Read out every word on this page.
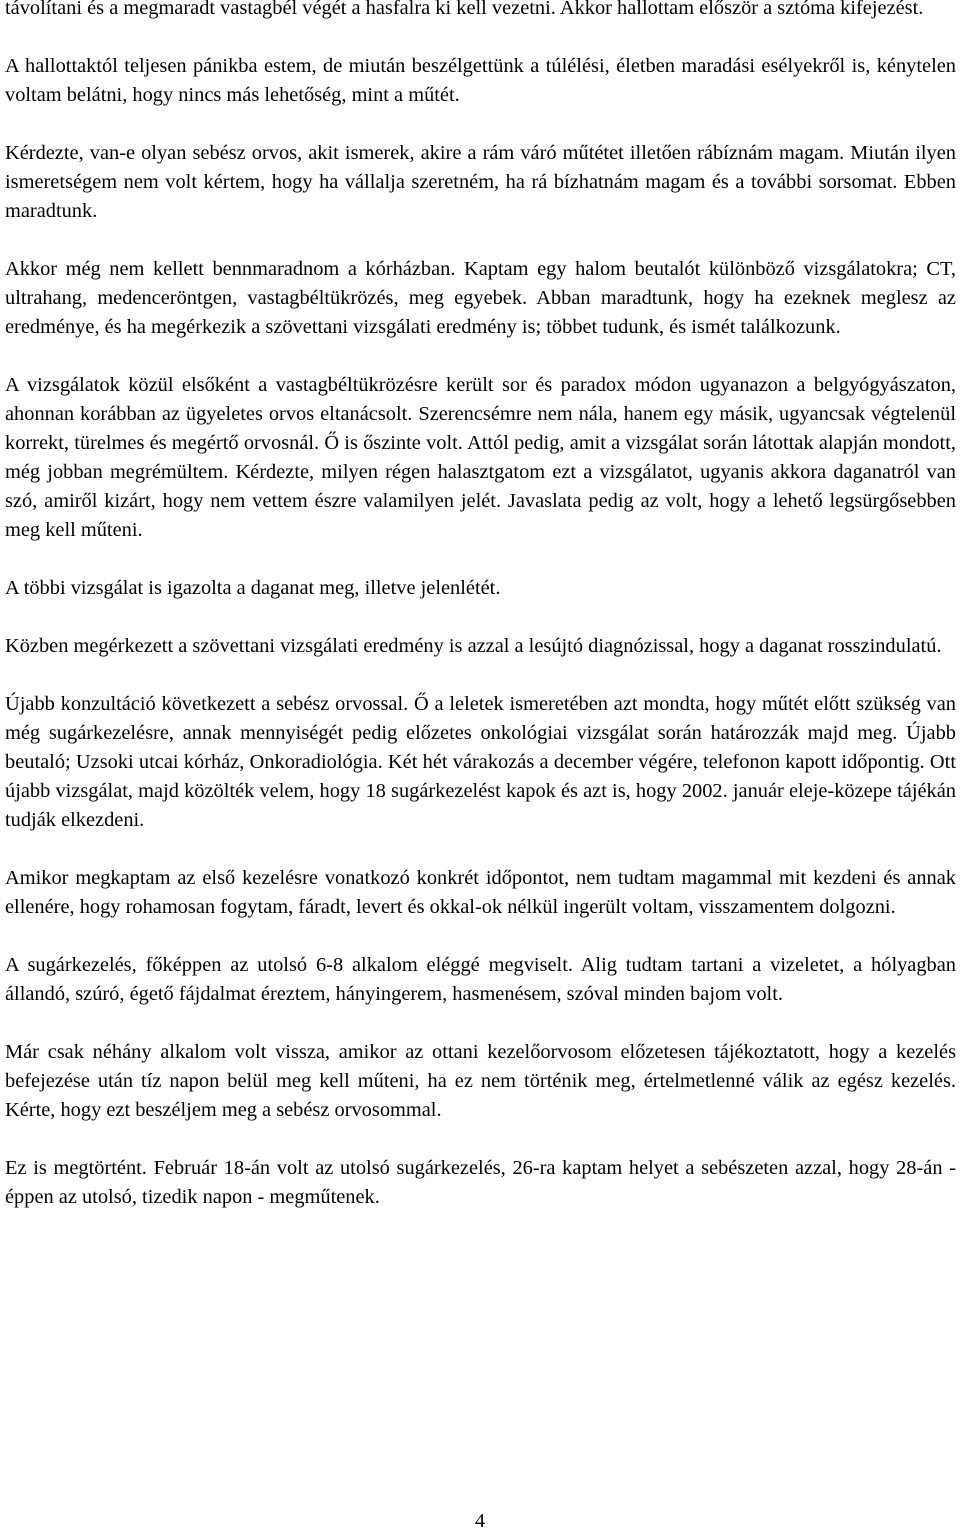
távolítani és a megmaradt vastagbél végét a hasfalra ki kell vezetni. Akkor hallottam először a sztóma kifejezést.

A hallottaktól teljesen pánikba estem, de miután beszélgettünk a túlélési, életben maradási esélyekről is, kénytelen voltam belátni, hogy nincs más lehetőség, mint a műtét.

Kérdezte, van-e olyan sebész orvos, akit ismerek, akire a rám váró műtétet illetően rábíznám magam. Miután ilyen ismeretségem nem volt kértem, hogy ha vállalja szeretném, ha rá bízhatnám magam és a további sorsomat. Ebben maradtunk.

Akkor még nem kellett bennmaradnom a kórházban. Kaptam egy halom beutalót különböző vizsgálatokra; CT, ultrahang, medenceröntgen, vastagbéltükrözés, meg egyebek. Abban maradtunk, hogy ha ezeknek meglesz az eredménye, és ha megérkezik a szövettani vizsgálati eredmény is; többet tudunk, és ismét találkozunk.

A vizsgálatok közül elsőként a vastagbéltükrözésre került sor és paradox módon ugyanazon a belgyógyászaton, ahonnan korábban az ügyeletes orvos eltanácsolt. Szerencsémre nem nála, hanem egy másik, ugyancsak végtelenül korrekt, türelmes és megértő orvosnál. Ő is őszinte volt. Attól pedig, amit a vizsgálat során látottak alapján mondott, még jobban megrémültem. Kérdezte, milyen régen halasztgatom ezt a vizsgálatot, ugyanis akkora daganatról van szó, amiről kizárt, hogy nem vettem észre valamilyen jelét. Javaslata pedig az volt, hogy a lehető legsürgősebben meg kell műteni.

A többi vizsgálat is igazolta a daganat meg, illetve jelenlétét.

Közben megérkezett a szövettani vizsgálati eredmény is azzal a lesújtó diagnózissal, hogy a daganat rosszindulatú.

Újabb konzultáció következett a sebész orvossal. Ő a leletek ismeretében azt mondta, hogy műtét előtt szükség van még sugárkezelésre, annak mennyiségét pedig előzetes onkológiai vizsgálat során határozzák majd meg. Újabb beutaló; Uzsoki utcai kórház, Onkoradiológia. Két hét várakozás a december végére, telefonon kapott időpontig. Ott újabb vizsgálat, majd közölték velem, hogy 18 sugárkezelést kapok és azt is, hogy 2002. január eleje-közepe tájékán tudják elkezdeni.

Amikor megkaptam az első kezelésre vonatkozó konkrét időpontot, nem tudtam magammal mit kezdeni és annak ellenére, hogy rohamosan fogytam, fáradt, levert és okkal-ok nélkül ingerült voltam, visszamentem dolgozni.

A sugárkezelés, főképpen az utolsó 6-8 alkalom eléggé megviselt. Alig tudtam tartani a vizeletet, a hólyagban állandó, szúró, égető fájdalmat éreztem, hányingerem, hasmenésem, szóval minden bajom volt.

Már csak néhány alkalom volt vissza, amikor az ottani kezelőorvosom előzetesen tájékoztatott, hogy a kezelés befejezése után tíz napon belül meg kell műteni, ha ez nem történik meg, értelmetlenné válik az egész kezelés. Kérte, hogy ezt beszéljem meg a sebész orvosommal.

Ez is megtörtént. Február 18-án volt az utolsó sugárkezelés, 26-ra kaptam helyet a sebészeten azzal, hogy 28-án - éppen az utolsó, tizedik napon - megműtenek.

4
